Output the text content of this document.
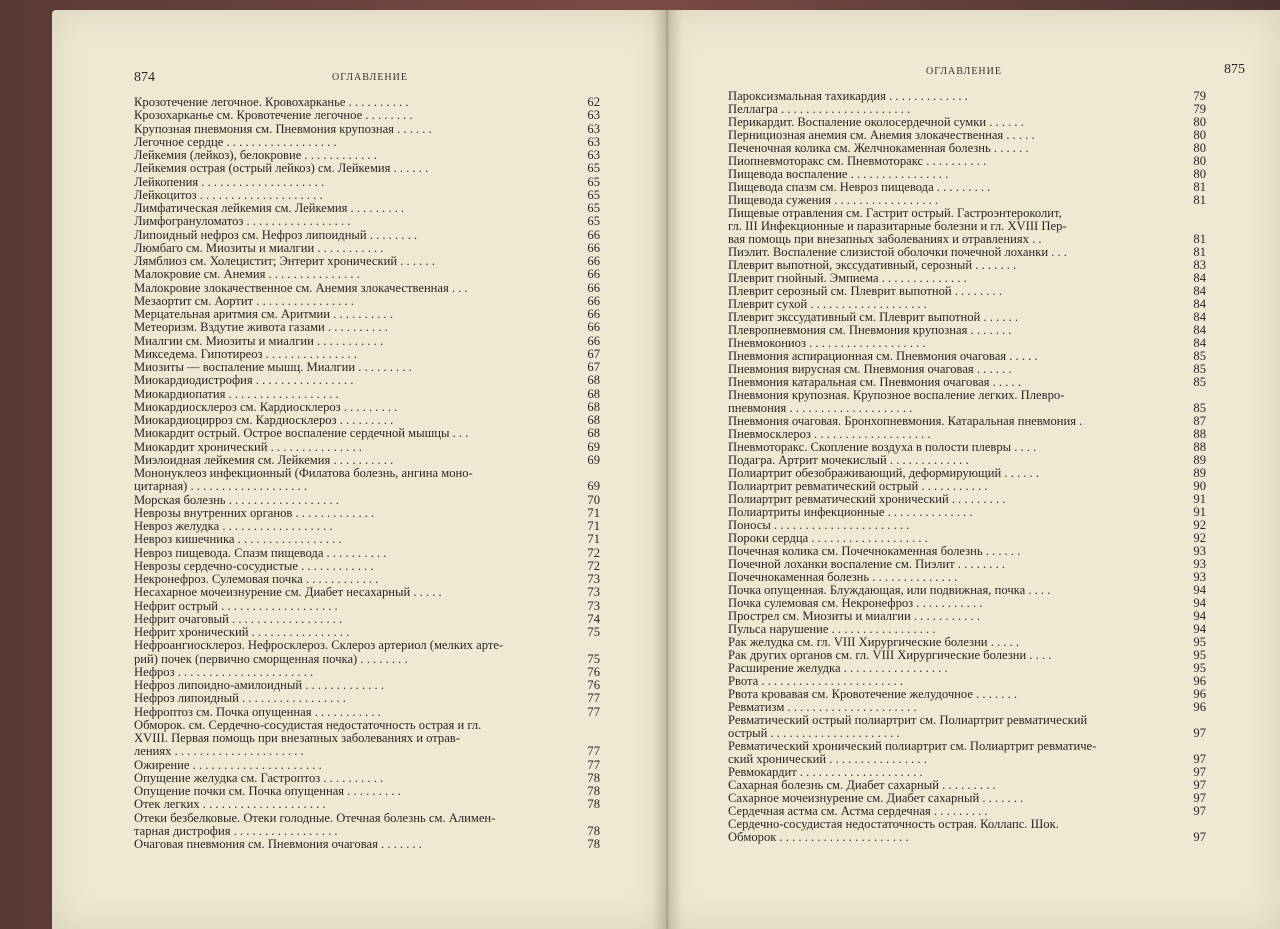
874	ОГЛАВЛЕНИЕ
Крозотечение легочное. Кровохарканье . . . . . . . . . .	62
Крозохарканье см. Кровотечение легочное . . . . . . . .	63
Крупозная пневмония см. Пневмония крупозная . . . . . .	63
Легочное сердце . . . . . . . . . . . . . . . . . .	63
Лейкемия (лейкоз), белокровие . . . . . . . . . . . .	63
Лейкемия острая (острый лейкоз) см. Лейкемия . . . . . .	65
Лейкопения . . . . . . . . . . . . . . . . . . . .	65
Лейкоцитоз . . . . . . . . . . . . . . . . . . . .	65
Лимфатическая лейкемия см. Лейкемия . . . . . . . . .	65
Лимфогрануломатоз . . . . . . . . . . . . . . . . .	65
Липоидный нефроз см. Нефроз липоидный . . . . . . . .	66
Люмбаго см. Миозиты и миалгии . . . . . . . . . . .	66
Лямблиоз см. Холецистит; Энтерит хронический . . . . . .	66
Малокровие см. Анемия . . . . . . . . . . . . . . .	66
Малокровие злокачественное см. Анемия злокачественная . . .	66
Мезаортит см. Аортит . . . . . . . . . . . . . . . .	66
Мерцательная аритмия см. Аритмии . . . . . . . . . .	66
Метеоризм. Вздутие живота газами . . . . . . . . . .	66
Миалгии см. Миозиты и миалгии . . . . . . . . . . .	66
Микседема. Гипотиреоз . . . . . . . . . . . . . . .	67
Миозиты — воспаление мышц. Миалгии . . . . . . . . .	67
Миокардиодистрофия . . . . . . . . . . . . . . . .	68
Миокардиопатия . . . . . . . . . . . . . . . . . .	68
Миокардиосклероз см. Кардиосклероз . . . . . . . . .	68
Миокардиоцирроз см. Кардиосклероз . . . . . . . . .	68
Миокардит острый. Острое воспаление сердечной мышцы . . .	68
Миокардит хронический . . . . . . . . . . . . . . .	69
Миэлоидная лейкемия см. Лейкемия . . . . . . . . . .	69
Мононуклеоз инфекционный (Филатова болезнь, ангина моно-
цитарная) . . . . . . . . . . . . . . . . . . .	69
Морская болезнь . . . . . . . . . . . . . . . . . .	70
Неврозы внутренних органов . . . . . . . . . . . . .	71
Невроз желудка . . . . . . . . . . . . . . . . . .	71
Невроз кишечника . . . . . . . . . . . . . . . . .	71
Невроз пищевода. Спазм пищевода . . . . . . . . . .	72
Неврозы сердечно-сосудистые . . . . . . . . . . . .	72
Некронефроз. Сулемовая почка . . . . . . . . . . . .	73
Несахарное мочеизнурение см. Диабет несахарный . . . . .	73
Нефрит острый . . . . . . . . . . . . . . . . . . .	73
Нефрит очаговый . . . . . . . . . . . . . . . . . .	74
Нефрит хронический . . . . . . . . . . . . . . . .	75
Нефроангиосклероз. Нефросклероз. Склероз артериол (мелких арте-
рий) почек (первично сморщенная почка) . . . . . . . .	75
Нефроз . . . . . . . . . . . . . . . . . . . . . .	76
Нефроз липоидно-амилоидный . . . . . . . . . . . . .	76
Нефроз липоидный . . . . . . . . . . . . . . . . .	77
Нефроптоз см. Почка опущенная . . . . . . . . . . .	77
Обморок. см. Сердечно-сосудистая недостаточность острая и гл.
XVIII. Первая помощь при внезапных заболеваниях и отрав-
лениях . . . . . . . . . . . . . . . . . . . . .	77
Ожирение . . . . . . . . . . . . . . . . . . . . .	77
Опущение желудка см. Гастроптоз . . . . . . . . . .	78
Опущение почки см. Почка опущенная . . . . . . . . .	78
Отек легких . . . . . . . . . . . . . . . . . . . .	78
Отеки безбелковые. Отеки голодные. Отечная болезнь см. Алимен-
тарная дистрофия . . . . . . . . . . . . . . . . .	78
Очаговая пневмония см. Пневмония очаговая . . . . . . .	78
875
ОГЛАВЛЕНИЕ
Пароксизмальная тахикардия . . . . . . . . . . . . .	79
Пеллагра . . . . . . . . . . . . . . . . . . . . .	79
Перикардит. Воспаление околосердечной сумки . . . . . .	80
Пернициозная анемия см. Анемия злокачественная . . . . .	80
Печеночная колика см. Желчнокаменная болезнь . . . . . .	80
Пиопневмоторакс см. Пневмоторакс . . . . . . . . . .	80
Пищевода воспаление . . . . . . . . . . . . . . . .	80
Пищевода спазм см. Невроз пищевода . . . . . . . . .	81
Пищевода сужения . . . . . . . . . . . . . . . . .	81
Пищевые отравления см. Гастрит острый. Гастроэнтероколит,
гл. III Инфекционные и паразитарные болезни и гл. XVIII Пер-
вая помощь при внезапных заболеваниях и отравлениях . .	81
Пиэлит. Воспаление слизистой оболочки почечной лоханки . . .	81
Плеврит выпотной, экссудативный, серозный . . . . . . .	83
Плеврит гнойный. Эмпиема . . . . . . . . . . . . . .	84
Плеврит серозный см. Плеврит выпотной . . . . . . . .	84
Плеврит сухой . . . . . . . . . . . . . . . . . . .	84
Плеврит экссудативный см. Плеврит выпотной . . . . . .	84
Плевропневмония см. Пневмония крупозная . . . . . . .	84
Пневмокониоз . . . . . . . . . . . . . . . . . . .	84
Пневмония аспирационная см. Пневмония очаговая . . . . .	85
Пневмония вирусная см. Пневмония очаговая . . . . . .	85
Пневмония катаральная см. Пневмония очаговая . . . . .	85
Пневмония крупозная. Крупозное воспаление легких. Плевро-
пневмония . . . . . . . . . . . . . . . . . . . .	85
Пневмония очаговая. Бронхопневмония. Катаральная пневмония .	87
Пневмосклероз . . . . . . . . . . . . . . . . . . .	88
Пневмоторакс. Скопление воздуха в полости плевры . . . .	88
Подагра. Артрит мочекислый . . . . . . . . . . . . .	89
Полиартрит обезображивающий, деформирующий . . . . . .	89
Полиартрит ревматический острый . . . . . . . . . . .	90
Полиартрит ревматический хронический . . . . . . . . .	91
Полиартриты инфекционные . . . . . . . . . . . . . .	91
Поносы . . . . . . . . . . . . . . . . . . . . . .	92
Пороки сердца . . . . . . . . . . . . . . . . . . .	92
Почечная колика см. Почечнокаменная болезнь . . . . . .	93
Почечной лоханки воспаление см. Пиэлит . . . . . . . .	93
Почечнокаменная болезнь . . . . . . . . . . . . . .	93
Почка опущенная. Блуждающая, или подвижная, почка . . . .	94
Почка сулемовая см. Некронефроз . . . . . . . . . . .	94
Прострел см. Миозиты и миалгии . . . . . . . . . . .	94
Пульса нарушение . . . . . . . . . . . . . . . . .	94
Рак желудка см. гл. VIII Хирургические болезни . . . . .	95
Рак других органов см. гл. VIII Хирургические болезни . . . .	95
Расширение желудка . . . . . . . . . . . . . . . . .	95
Рвота . . . . . . . . . . . . . . . . . . . . . . .	96
Рвота кровавая см. Кровотечение желудочное . . . . . . .	96
Ревматизм . . . . . . . . . . . . . . . . . . . . .	96
Ревматический острый полиартрит см. Полиартрит ревматический
острый . . . . . . . . . . . . . . . . . . . . .	97
Ревматический хронический полиартрит см. Полиартрит ревматиче-
ский хронический . . . . . . . . . . . . . . . .	97
Ревмокардит . . . . . . . . . . . . . . . . . . . .	97
Сахарная болезнь см. Диабет сахарный . . . . . . . . .	97
Сахарное мочеизнурение см. Диабет сахарный . . . . . . .	97
Сердечная астма см. Астма сердечная . . . . . . . . .	97
Сердечно-сосудистая недостаточность острая. Коллапс. Шок.
Обморок . . . . . . . . . . . . . . . . . . . . .	97
